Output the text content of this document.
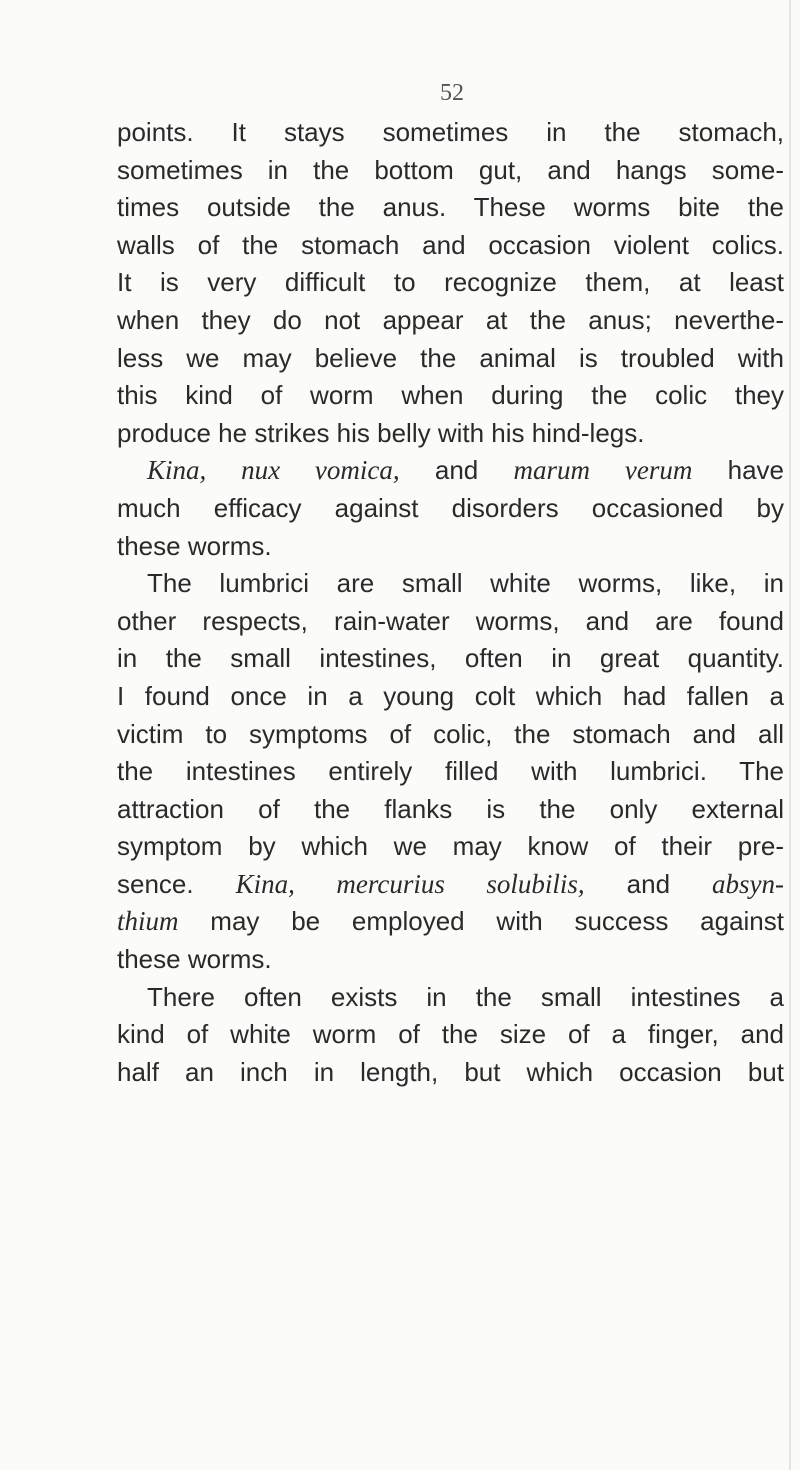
52
points. It stays sometimes in the stomach,
sometimes in the bottom gut, and hangs some-
times outside the anus. These worms bite the
walls of the stomach and occasion violent colics.
It is very difficult to recognize them, at least
when they do not appear at the anus; neverthe-
less we may believe the animal is troubled with
this kind of worm when during the colic they
produce he strikes his belly with his hind-legs.
Kina, nux vomica, and marum verum have
much efficacy against disorders occasioned by
these worms.
The lumbrici are small white worms, like, in
other respects, rain-water worms, and are found
in the small intestines, often in great quantity.
I found once in a young colt which had fallen a
victim to symptoms of colic, the stomach and all
the intestines entirely filled with lumbrici. The
attraction of the flanks is the only external
symptom by which we may know of their pre-
sence. Kina, mercurius solubilis, and absyn-
thium may be employed with success against
these worms.
There often exists in the small intestines a
kind of white worm of the size of a finger, and
half an inch in length, but which occasion but
